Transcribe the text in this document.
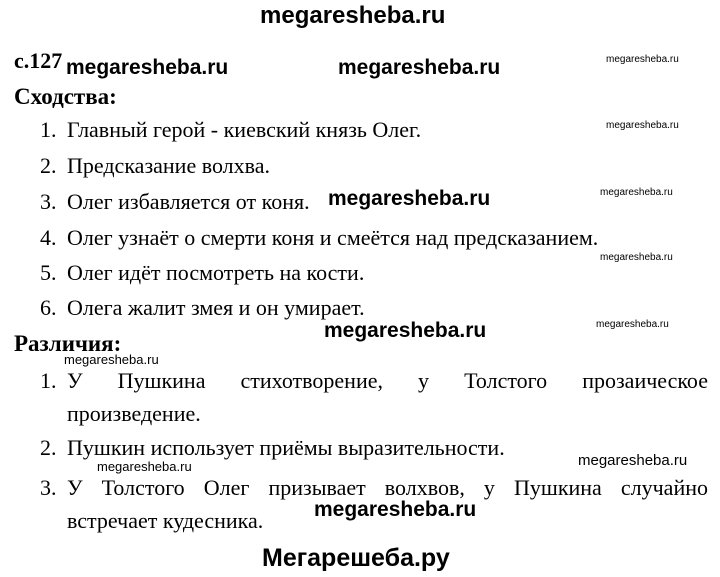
megaresheba.ru
с.127 megaresheba.ru	megaresheba.ru	megaresheba.ru
Сходства:
1. Главный герой - киевский князь Олег.
2. Предсказание волхва.
3. Олег избавляется от коня.
4. Олег узнаёт о смерти коня и смеётся над предсказанием.
5. Олег идёт посмотреть на кости.
6. Олега жалит змея и он умирает.
megaresheba.ru
megaresheba.ru	megaresheba.ru
megaresheba.ru
megaresheba.ru	megaresheba.ru
Различия:
megaresheba.ru
1. У Пушкина стихотворение, у Толстого прозаическое
произведение.
2. Пушкин использует приёмы выразительности.
3. У Толстого Олег призывает волхвов, у Пушкина случайно
встречает кудесника.
megaresheba.ru	megaresheba.ru
megaresheba.ru
Мегарешеба.ру
